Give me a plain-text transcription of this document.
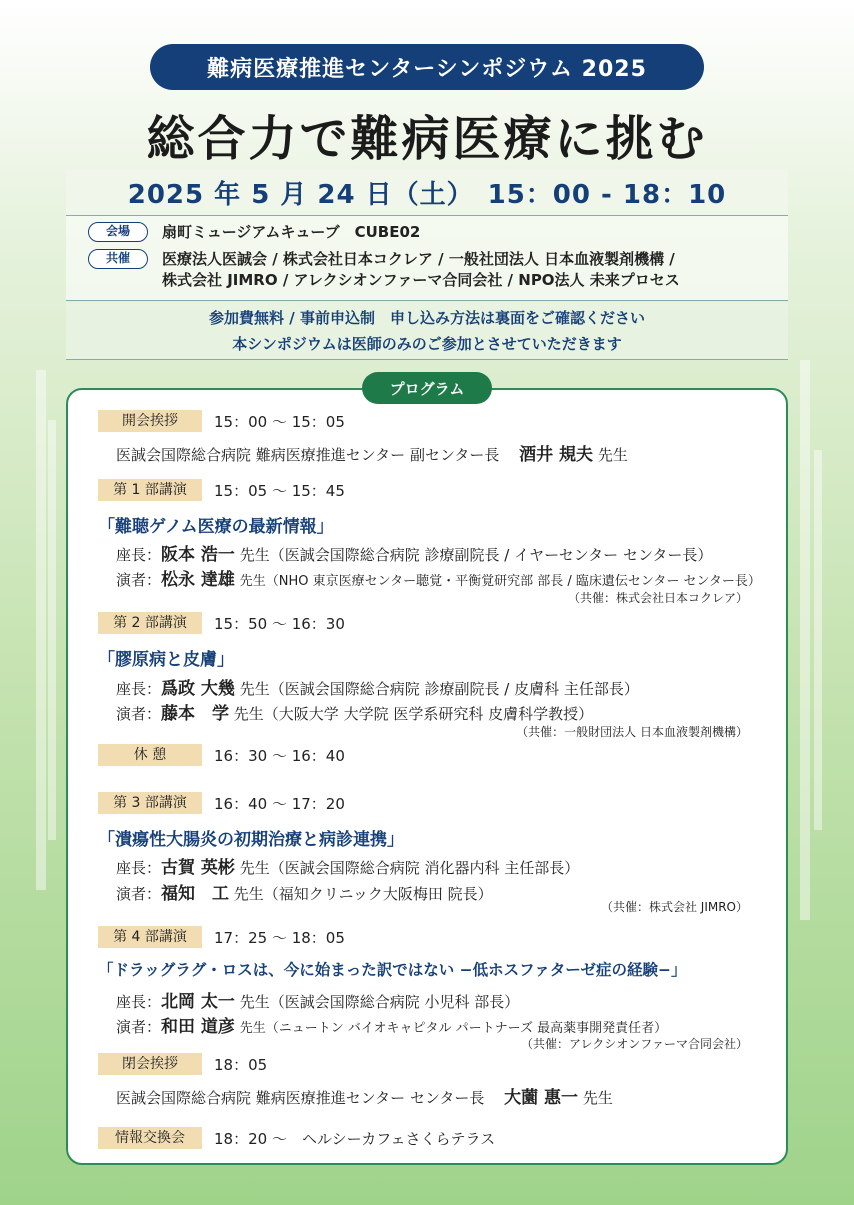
難病医療推進センターシンポジウム 2025
総合力で難病医療に挑む
2025 年 5 月 24 日（土）　15：00 - 18：10
会場	扇町ミュージアムキューブ　CUBE02
共催	医療法人医誠会 / 株式会社日本コクレア / 一般社団法人 日本血液製剤機構 /
株式会社 JIMRO / アレクシオンファーマ合同会社 / NPO法人 未来プロセス
参加費無料 / 事前申込制　申し込み方法は裏面をご確認ください
本シンポジウムは医師のみのご参加とさせていただきます
プログラム
開会挨拶 15：00 〜 15：05
医誠会国際総合病院 難病医療推進センター 副センター長　 酒井 規夫 先生
第 1 部講演 15：05 〜 15：45
「難聴ゲノム医療の最新情報」
座長：阪本 浩一 先生（医誠会国際総合病院 診療副院長 / イヤーセンター センター長）
演者：松永 達雄 先生（NHO 東京医療センター聴覚・平衡覚研究部 部長 / 臨床遺伝センター センター長）
（共催：株式会社日本コクレア）
第 2 部講演 15：50 〜 16：30
「膠原病と皮膚」
座長：爲政 大幾 先生（医誠会国際総合病院 診療副院長 / 皮膚科 主任部長）
演者：藤本　学 先生（大阪大学 大学院 医学系研究科 皮膚科学教授）
（共催：一般財団法人 日本血液製剤機構）
休 憩	16：30 〜 16：40
第 3 部講演 16：40 〜 17：20
「潰瘍性大腸炎の初期治療と病診連携」
座長：古賀 英彬 先生（医誠会国際総合病院 消化器内科 主任部長）
演者：福知　工 先生（福知クリニック大阪梅田 院長）
（共催：株式会社 JIMRO）
第 4 部講演 17：25 〜 18：05
「ドラッグラグ・ロスは、今に始まった訳ではない −低ホスファターゼ症の経験−」
座長：北岡 太一 先生（医誠会国際総合病院 小児科 部長）
演者：和田 道彦 先生（ニュートン バイオキャピタル パートナーズ 最高薬事開発責任者）
（共催：アレクシオンファーマ合同会社）
閉会挨拶 18：05
医誠会国際総合病院 難病医療推進センター センター長　 大薗 惠一 先生
情報交換会 18：20 〜　ヘルシーカフェさくらテラス
